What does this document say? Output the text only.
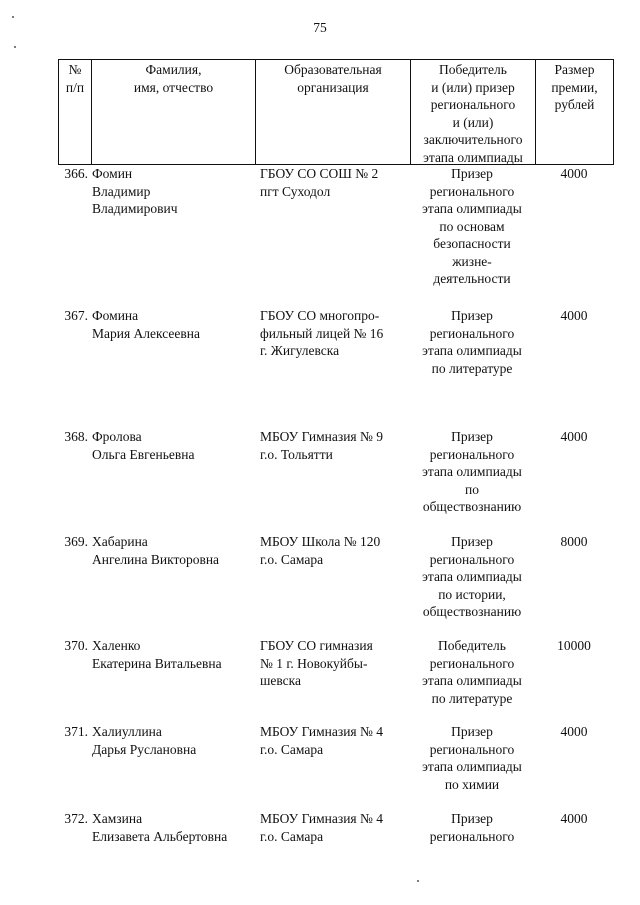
75
№
п/п
Фамилия,
имя, отчество
Образовательная
организация
Победитель
и (или) призер
регионального
и (или)
заключительного
этапа олимпиады
Размер
премии,
рублей
366. Фомин
Владимир
Владимирович
ГБОУ СО СОШ № 2
пгт Суходол
Призер
регионального
этапа олимпиады
по основам
безопасности
жизне-
деятельности
4000
367. Фомина
Мария Алексеевна
ГБОУ СО многопро-
фильный лицей № 16
г. Жигулевска
Призер
регионального
этапа олимпиады
по литературе
4000
368. Фролова
Ольга Евгеньевна
МБОУ Гимназия № 9
г.о. Тольятти
Призер
регионального
этапа олимпиады
по
обществознанию
4000
369. Хабарина
Ангелина Викторовна
МБОУ Школа № 120
г.о. Самара
Призер
регионального
этапа олимпиады
по истории,
обществознанию
8000
370. Халенко
Екатерина Витальевна
ГБОУ СО гимназия
№ 1 г. Новокуйбы-
шевска
Победитель
регионального
этапа олимпиады
по литературе
10000
371. Халиуллина
Дарья Руслановна
МБОУ Гимназия № 4
г.о. Самара
Призер
регионального
этапа олимпиады
по химии
4000
372. Хамзина
Елизавета Альбертовна
МБОУ Гимназия № 4
г.о. Самара
Призер
регионального
4000
